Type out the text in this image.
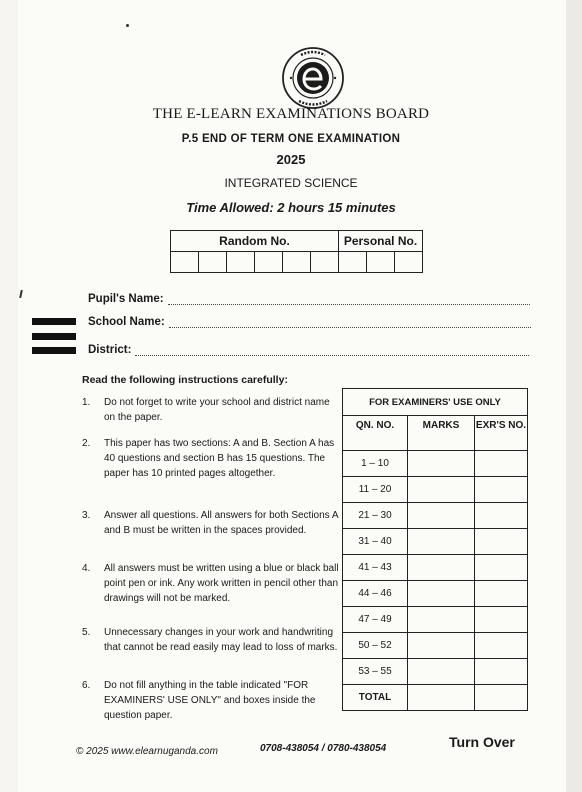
THE E-LEARN EXAMINATIONS BOARD
P.5 END OF TERM ONE EXAMINATION
2025
INTEGRATED SCIENCE
Time Allowed: 2 hours 15 minutes
Random No.						Personal No.		

Pupil's Name:
School Name:
District:
Read the following instructions carefully:
1. Do not forget to write your school and district name on the paper.
2. This paper has two sections: A and B. Section A has 40 questions and section B has 15 questions. The paper has 10 printed pages altogether.
3. Answer all questions. All answers for both Sections A and B must be written in the spaces provided.
4. All answers must be written using a blue or black ball point pen or ink. Any work written in pencil other than drawings will not be marked.
5. Unnecessary changes in your work and handwriting that cannot be read easily may lead to loss of marks.
6. Do not fill anything in the table indicated "FOR EXAMINERS' USE ONLY" and boxes inside the question paper.
FOR EXAMINERS' USE ONLY		
QN. NO.	MARKS	EXR'S NO.
1 – 10		
11 – 20		
21 – 30		
31 – 40		
41 – 43		
44 – 46		
47 – 49		
50 – 52		
53 – 55		
TOTAL		
© 2025 www.elearnuganda.com	0708-438054 / 0780-438054	Turn Over
